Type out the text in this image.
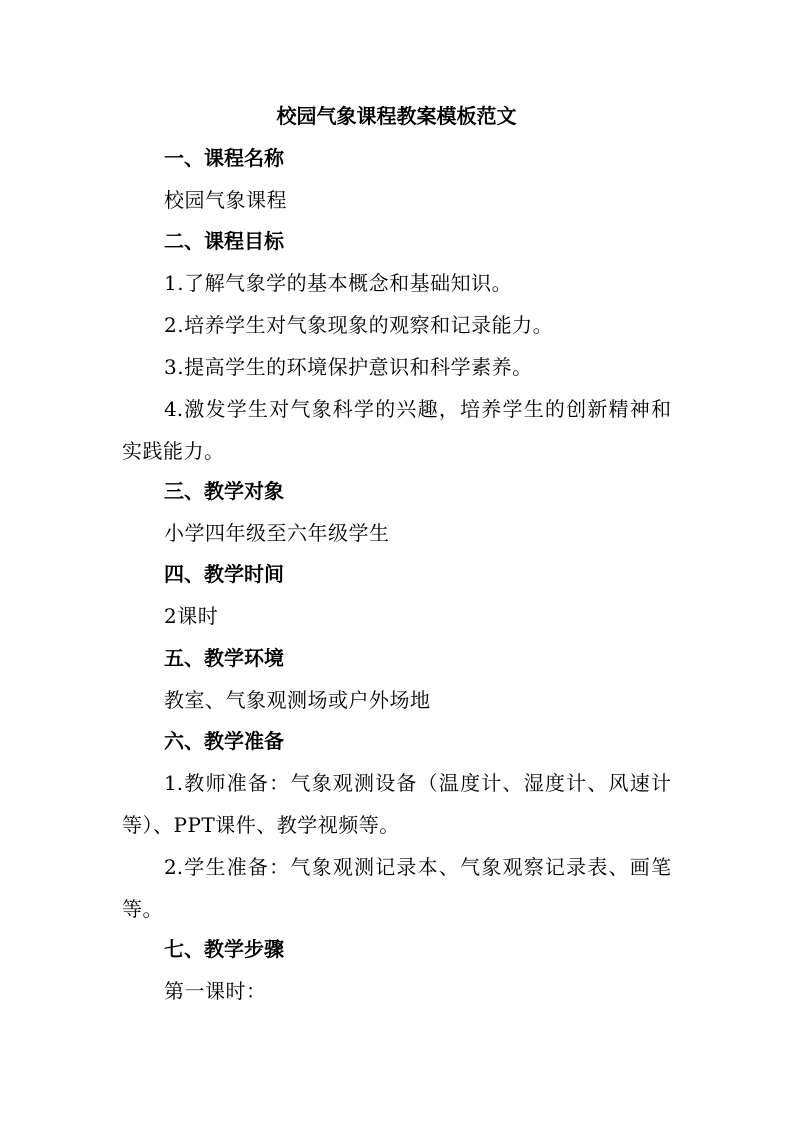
校园气象课程教案模板范文
一、课程名称
校园气象课程
二、课程目标
1.了解气象学的基本概念和基础知识。
2.培养学生对气象现象的观察和记录能力。
3.提高学生的环境保护意识和科学素养。
4.激发学生对气象科学的兴趣，培养学生的创新精神和
实践能力。
三、教学对象
小学四年级至六年级学生
四、教学时间
2课时
五、教学环境
教室、气象观测场或户外场地
六、教学准备
1.教师准备：气象观测设备（温度计、湿度计、风速计
等）、PPT课件、教学视频等。
2.学生准备：气象观测记录本、气象观察记录表、画笔
等。
七、教学步骤
第一课时：
